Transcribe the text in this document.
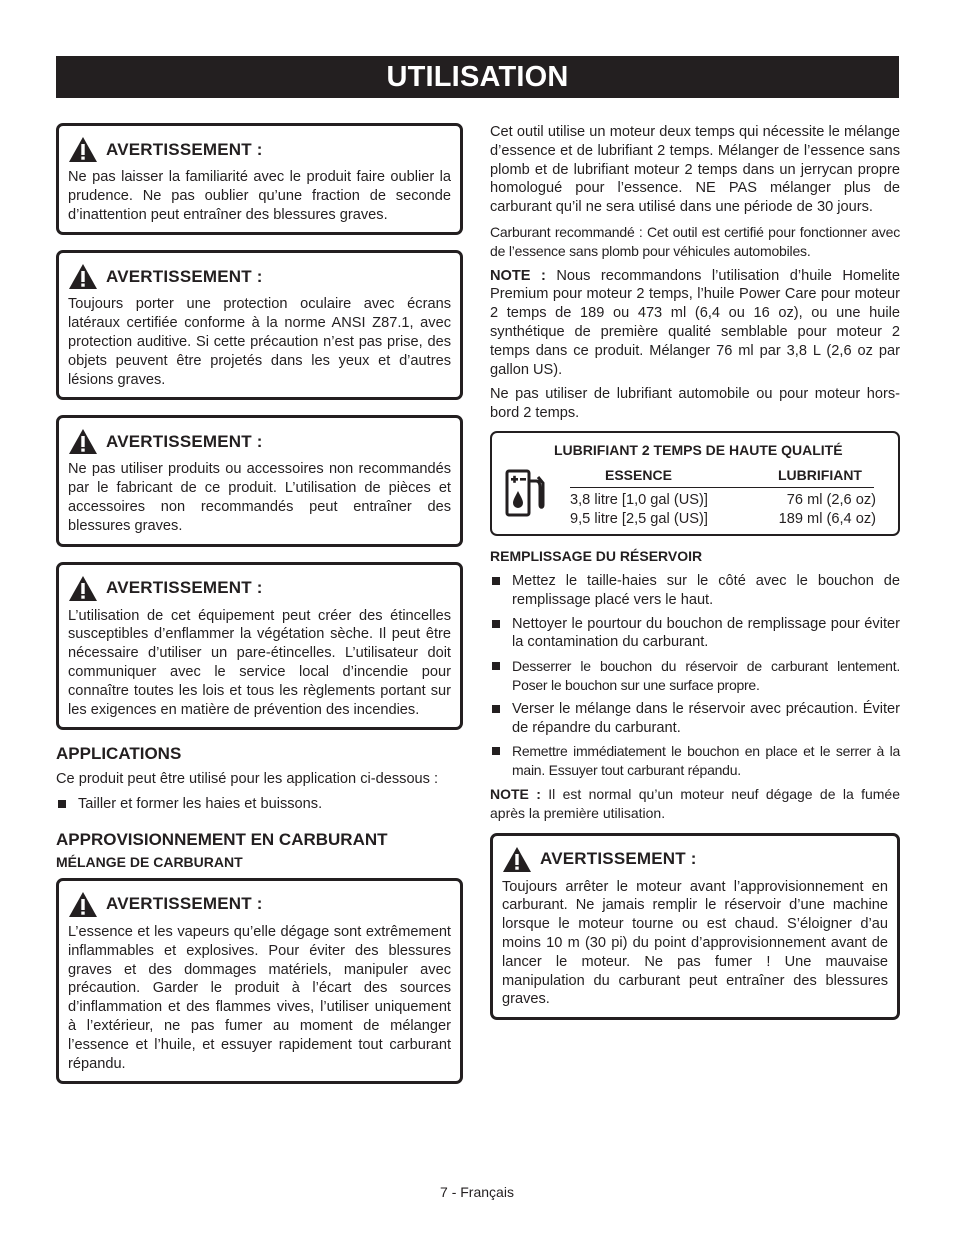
UTILISATION
AVERTISSEMENT :
Ne pas laisser la familiarité avec le produit faire oublier la prudence. Ne pas oublier qu’une fraction de seconde d’inattention peut entraîner des blessures graves.
AVERTISSEMENT :
Toujours porter une protection oculaire avec écrans latéraux certifiée conforme à la norme ANSI Z87.1, avec protection auditive. Si cette précaution n’est pas prise, des objets peuvent être projetés dans les yeux et d’autres lésions graves.
AVERTISSEMENT :
Ne pas utiliser produits ou accessoires non recommandés par le fabricant de ce produit. L’utilisation de pièces et accessoires non recommandés peut entraîner des blessures graves.
AVERTISSEMENT :
L’utilisation de cet équipement peut créer des étincelles susceptibles d’enflammer la végétation sèche. Il peut être nécessaire d’utiliser un pare-étincelles. L’utilisateur doit communiquer avec le service local d’incendie pour connaître toutes les lois et tous les règlements portant sur les exigences en matière de prévention des incendies.
APPLICATIONS
Ce produit peut être utilisé pour les application ci-dessous :
Tailler et former les haies et buissons.
APPROVISIONNEMENT EN CARBURANT
MÉLANGE DE CARBURANT
AVERTISSEMENT :
L’essence et les vapeurs qu’elle dégage sont extrêmement inflammables et explosives. Pour éviter des blessures graves et des dommages matériels, manipuler avec précaution. Garder le produit à l’écart des sources d’inflammation et des flammes vives, l’utiliser uniquement à l’extérieur, ne pas fumer au moment de mélanger l’essence et l’huile, et essuyer rapidement tout carburant répandu.
Cet outil utilise un moteur deux temps qui nécessite le mélange d’essence et de lubrifiant 2 temps. Mélanger de l’essence sans plomb et de lubrifiant moteur 2 temps dans un jerrycan propre homologué pour l’essence. NE PAS mélanger plus de carburant qu’il ne sera utilisé dans une période de 30 jours.
Carburant recommandé : Cet outil est certifié pour fonctionner avec de l’essence sans plomb pour véhicules automobiles.
NOTE : Nous recommandons l’utilisation d’huile Homelite Premium pour moteur 2 temps, l’huile Power Care pour moteur 2 temps de 189 ou 473 ml (6,4 ou 16 oz), ou une huile synthétique de première qualité semblable pour moteur 2 temps dans ce produit. Mélanger 76 ml par 3,8 L (2,6 oz par gallon US).
Ne pas utiliser de lubrifiant automobile ou pour moteur hors-bord 2 temps.
LUBRIFIANT 2 TEMPS DE HAUTE QUALITÉ
ESSENCE	LUBRIFIANT
3,8 litre [1,0 gal (US)]	76 ml (2,6 oz)
9,5 litre [2,5 gal (US)]	189 ml (6,4 oz)
REMPLISSAGE DU RÉSERVOIR
Mettez le taille-haies sur le côté avec le bouchon de remplissage placé vers le haut.
Nettoyer le pourtour du bouchon de remplissage pour éviter la contamination du carburant.
Desserrer le bouchon du réservoir de carburant lentement. Poser le bouchon sur une surface propre.
Verser le mélange dans le réservoir avec précaution. Éviter de répandre du carburant.
Remettre immédiatement le bouchon en place et le serrer à la main. Essuyer tout carburant répandu.
NOTE : Il est normal qu’un moteur neuf dégage de la fumée après la première utilisation.
AVERTISSEMENT :
Toujours arrêter le moteur avant l’approvisionnement en carburant. Ne jamais remplir le réservoir d’une machine lorsque le moteur tourne ou est chaud. S’éloigner d’au moins 10 m (30 pi) du point d’approvisionnement avant de lancer le moteur. Ne pas fumer ! Une mauvaise manipulation du carburant peut entraîner des blessures graves.
7 - Français
